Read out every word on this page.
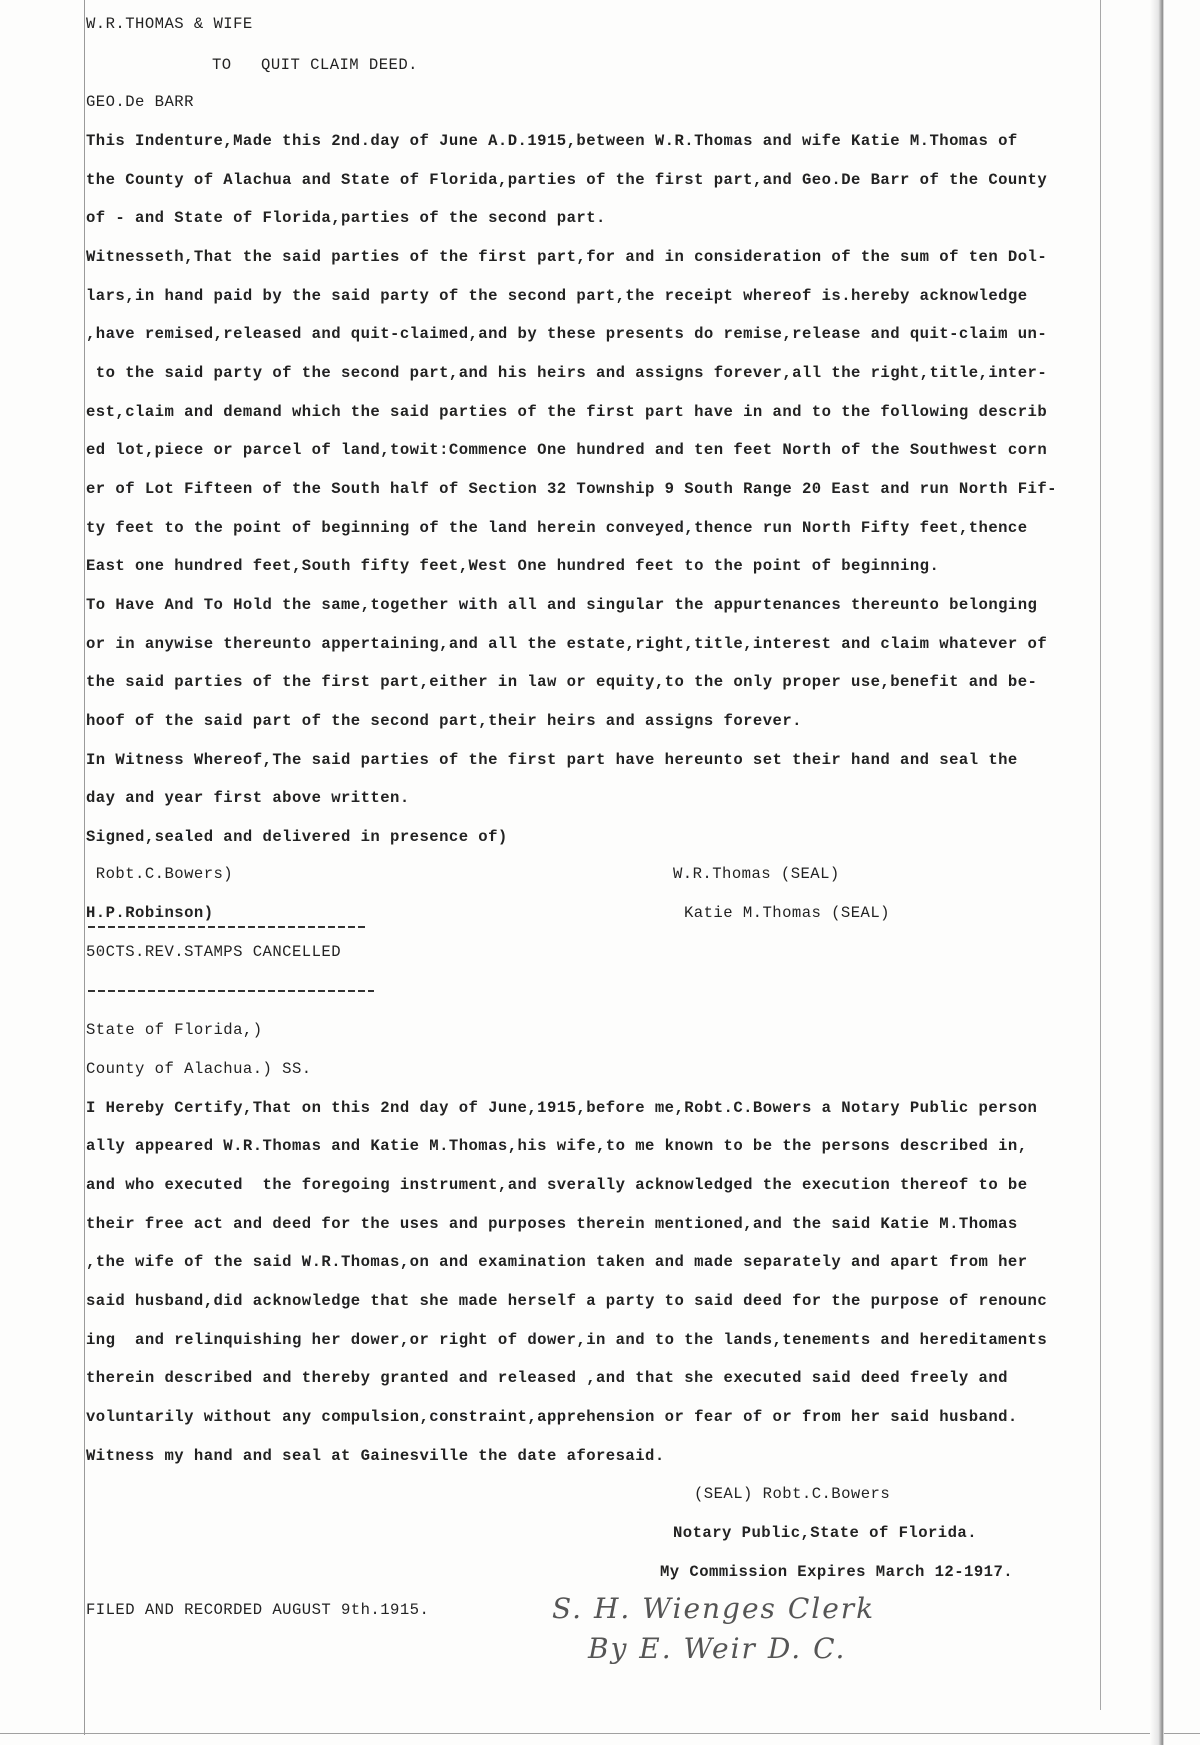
W.R.THOMAS & WIFE
TO   QUIT CLAIM DEED.
GEO.De BARR
This Indenture,Made this 2nd.day of June A.D.1915,between W.R.Thomas and wife Katie M.Thomas of
the County of Alachua and State of Florida,parties of the first part,and Geo.De Barr of the County
of - and State of Florida,parties of the second part.
Witnesseth,That the said parties of the first part,for and in consideration of the sum of ten Dol-
lars,in hand paid by the said party of the second part,the receipt whereof is.hereby acknowledge
,have remised,released and quit-claimed,and by these presents do remise,release and quit-claim un-
to the said party of the second part,and his heirs and assigns forever,all the right,title,inter-
est,claim and demand which the said parties of the first part have in and to the following describ
ed lot,piece or parcel of land,towit:Commence One hundred and ten feet North of the Southwest corn
er of Lot Fifteen of the South half of Section 32 Township 9 South Range 20 East and run North Fif-
ty feet to the point of beginning of the land herein conveyed,thence run North Fifty feet,thence
East one hundred feet,South fifty feet,West One hundred feet to the point of beginning.
To Have And To Hold the same,together with all and singular the appurtenances thereunto belonging
or in anywise thereunto appertaining,and all the estate,right,title,interest and claim whatever of
the said parties of the first part,either in law or equity,to the only proper use,benefit and be-
hoof of the said part of the second part,their heirs and assigns forever.
In Witness Whereof,The said parties of the first part have hereunto set their hand and seal the
day and year first above written.
Signed,sealed and delivered in presence of)
Robt.C.Bowers)	W.R.Thomas (SEAL)
H.P.Robinson)	Katie M.Thomas (SEAL)
50CTS.REV.STAMPS CANCELLED
State of Florida,)
County of Alachua.) SS.
I Hereby Certify,That on this 2nd day of June,1915,before me,Robt.C.Bowers a Notary Public person
ally appeared W.R.Thomas and Katie M.Thomas,his wife,to me known to be the persons described in,
and who executed  the foregoing instrument,and sverally acknowledged the execution thereof to be
their free act and deed for the uses and purposes therein mentioned,and the said Katie M.Thomas
,the wife of the said W.R.Thomas,on and examination taken and made separately and apart from her
said husband,did acknowledge that she made herself a party to said deed for the purpose of renounc
ing  and relinquishing her dower,or right of dower,in and to the lands,tenements and hereditaments
therein described and thereby granted and released ,and that she executed said deed freely and
voluntarily without any compulsion,constraint,apprehension or fear of or from her said husband.
Witness my hand and seal at Gainesville the date aforesaid.
(SEAL) Robt.C.Bowers
Notary Public,State of Florida.
My Commission Expires March 12-1917.
FILED AND RECORDED AUGUST 9th.1915.	S. H. Wienges Clerk
By E. Weir D. C.
